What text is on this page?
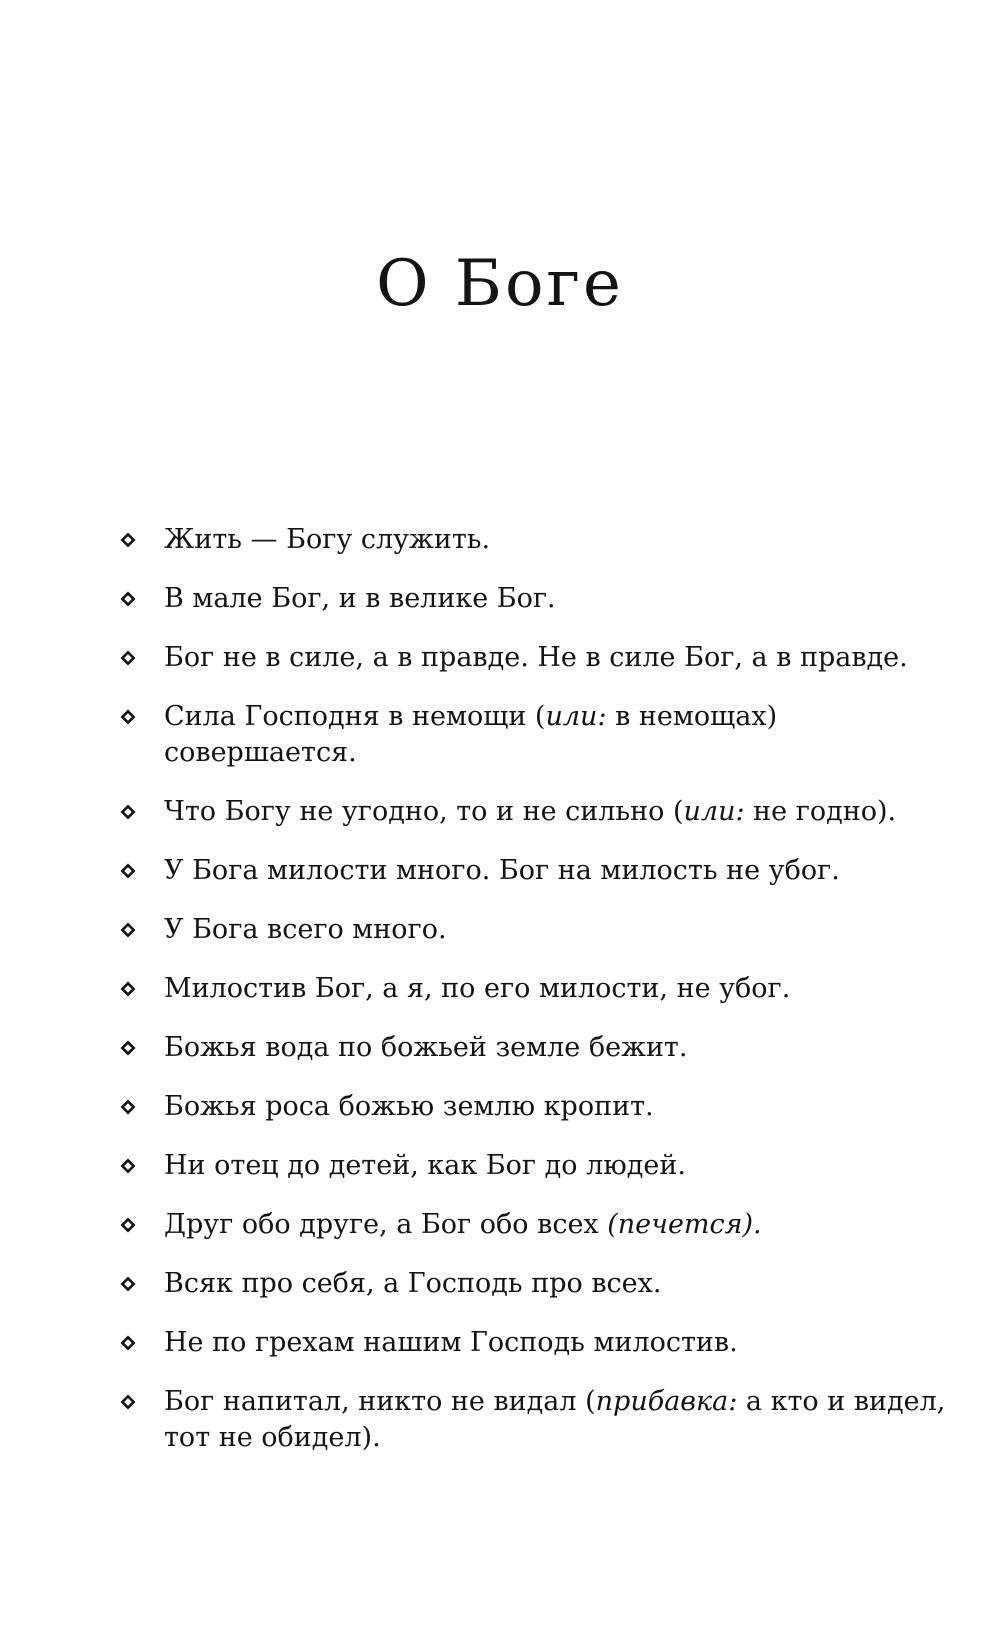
О Боге
Жить — Богу служить.
В мале Бог, и в велике Бог.
Бог не в силе, а в правде. Не в силе Бог, а в правде.
Сила Господня в немощи (или: в немощах) совершается.
Что Богу не угодно, то и не сильно (или: не годно).
У Бога милости много. Бог на милость не убог.
У Бога всего много.
Милостив Бог, а я, по его милости, не убог.
Божья вода по божьей земле бежит.
Божья роса божью землю кропит.
Ни отец до детей, как Бог до людей.
Друг обо друге, а Бог обо всех (печется).
Всяк про себя, а Господь про всех.
Не по грехам нашим Господь милостив.
Бог напитал, никто не видал (прибавка: а кто и видел, тот не обидел).
